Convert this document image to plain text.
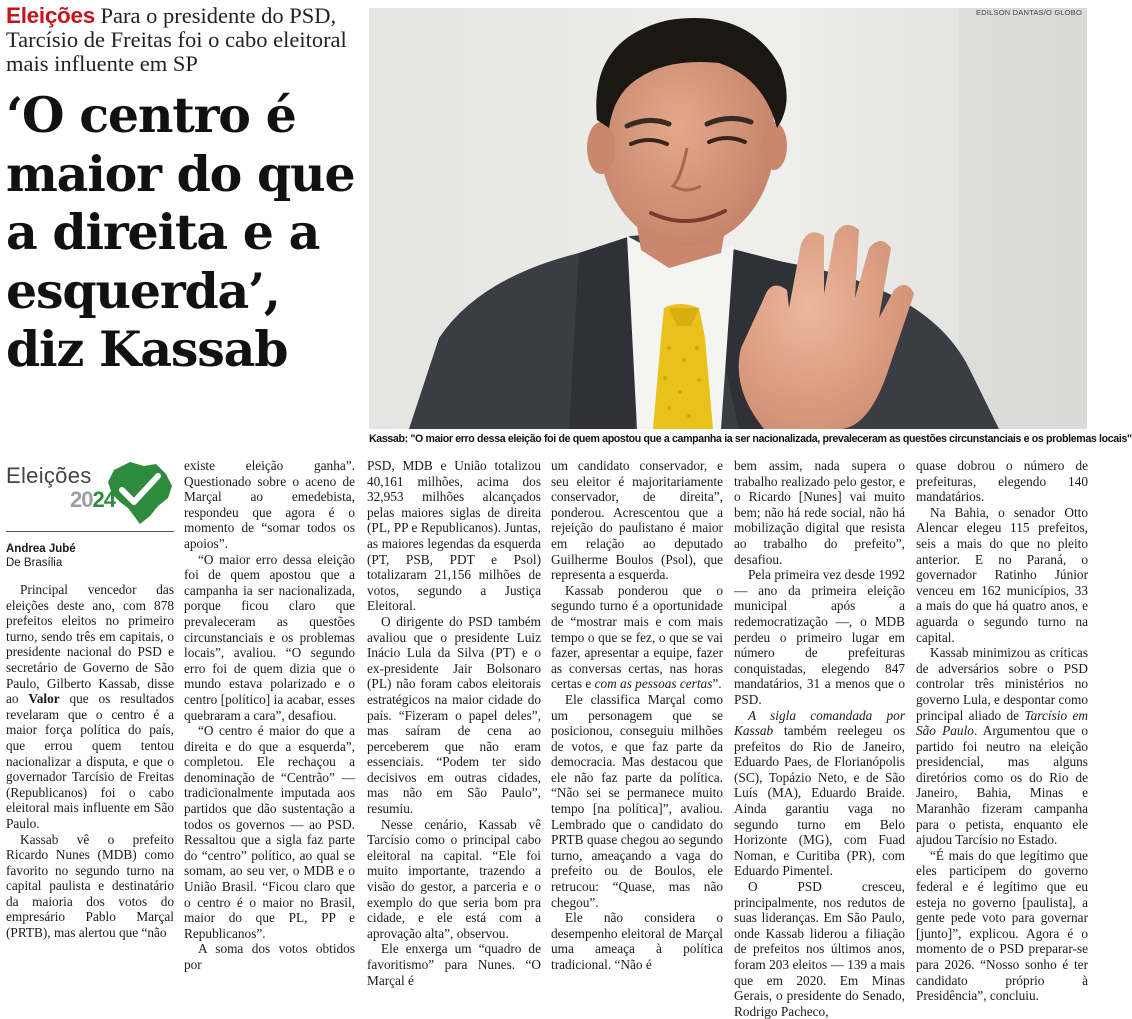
Eleições Para o presidente do PSD, Tarcísio de Freitas foi o cabo eleitoral mais influente em SP
‘O centro é maior do que a direita e a esquerda’, diz Kassab
EDILSON DANTAS/O GLOBO
Kassab: "O maior erro dessa eleição foi de quem apostou que a campanha ia ser nacionalizada, prevaleceram as questões circunstanciais e os problemas locais"
Eleições
2024
Andrea Jubé
De Brasília

Principal vencedor das eleições deste ano, com 878 prefeitos eleitos no primeiro turno, sendo três em capitais, o presidente nacional do PSD e secretário de Governo de São Paulo, Gilberto Kassab, disse ao Valor que os resultados revelaram que o centro é a maior força política do país, que errou quem tentou nacionalizar a disputa, e que o governador Tarcísio de Freitas (Republicanos) foi o cabo eleitoral mais influente em São Paulo.

Kassab vê o prefeito Ricardo Nunes (MDB) como favorito no segundo turno na capital paulista e destinatário da maioria dos votos do empresário Pablo Marçal (PRTB), mas alertou que “não

existe eleição ganha”. Questionado sobre o aceno de Marçal ao emedebista, respondeu que agora é o momento de “somar todos os apoios”.

“O maior erro dessa eleição foi de quem apostou que a campanha ia ser nacionalizada, porque ficou claro que prevaleceram as questões circunstanciais e os problemas locais”, avaliou. “O segundo erro foi de quem dizia que o mundo estava polarizado e o centro [político] ia acabar, esses quebraram a cara”, desafiou.

“O centro é maior do que a direita e do que a esquerda”, completou. Ele rechaçou a denominação de “Centrão” — tradicionalmente imputada aos partidos que dão sustentação a todos os governos — ao PSD. Ressaltou que a sigla faz parte do “centro” político, ao qual se somam, ao seu ver, o MDB e o União Brasil. “Ficou claro que o centro é o maior no Brasil, maior do que PL, PP e Republicanos”.

A soma dos votos obtidos por

PSD, MDB e União totalizou 40,161 milhões, acima dos 32,953 milhões alcançados pelas maiores siglas de direita (PL, PP e Republicanos). Juntas, as maiores legendas da esquerda (PT, PSB, PDT e Psol) totalizaram 21,156 milhões de votos, segundo a Justiça Eleitoral.

O dirigente do PSD também avaliou que o presidente Luiz Inácio Lula da Silva (PT) e o ex-presidente Jair Bolsonaro (PL) não foram cabos eleitorais estratégicos na maior cidade do país. “Fizeram o papel deles”, mas saíram de cena ao perceberem que não eram essenciais. “Podem ter sido decisivos em outras cidades, mas não em São Paulo”, resumiu.

Nesse cenário, Kassab vê Tarcísio como o principal cabo eleitoral na capital. “Ele foi muito importante, trazendo a visão do gestor, a parceria e o exemplo do que seria bom pra cidade, e ele está com a aprovação alta”, observou.

Ele enxerga um “quadro de favoritismo” para Nunes. “O Marçal é

um candidato conservador, e seu eleitor é majoritariamente conservador, de direita”, ponderou. Acrescentou que a rejeição do paulistano é maior em relação ao deputado Guilherme Boulos (Psol), que representa a esquerda.

Kassab ponderou que o segundo turno é a oportunidade de “mostrar mais e com mais tempo o que se fez, o que se vai fazer, apresentar a equipe, fazer as conversas certas, nas horas certas e com as pessoas certas”.

Ele classifica Marçal como um personagem que se posicionou, conseguiu milhões de votos, e que faz parte da democracia. Mas destacou que ele não faz parte da política. “Não sei se permanece muito tempo [na política]”, avaliou. Lembrado que o candidato do PRTB quase chegou ao segundo turno, ameaçando a vaga do prefeito ou de Boulos, ele retrucou: “Quase, mas não chegou”.

Ele não considera o desempenho eleitoral de Marçal uma ameaça à política tradicional. “Não é

bem assim, nada supera o trabalho realizado pelo gestor, e o Ricardo [Nunes] vai muito bem; não há rede social, não há mobilização digital que resista ao trabalho do prefeito”, desafiou.

Pela primeira vez desde 1992 — ano da primeira eleição municipal após a redemocratização —, o MDB perdeu o primeiro lugar em número de prefeituras conquistadas, elegendo 847 mandatários, 31 a menos que o PSD.

A sigla comandada por Kassab também reelegeu os prefeitos do Rio de Janeiro, Eduardo Paes, de Florianópolis (SC), Topázio Neto, e de São Luís (MA), Eduardo Braide. Ainda garantiu vaga no segundo turno em Belo Horizonte (MG), com Fuad Noman, e Curitiba (PR), com Eduardo Pimentel.

O PSD cresceu, principalmente, nos redutos de suas lideranças. Em São Paulo, onde Kassab liderou a filiação de prefeitos nos últimos anos, foram 203 eleitos — 139 a mais que em 2020. Em Minas Gerais, o presidente do Senado, Rodrigo Pacheco,

quase dobrou o número de prefeituras, elegendo 140 mandatários.

Na Bahia, o senador Otto Alencar elegeu 115 prefeitos, seis a mais do que no pleito anterior. E no Paraná, o governador Ratinho Júnior venceu em 162 municípios, 33 a mais do que há quatro anos, e aguarda o segundo turno na capital.

Kassab minimizou as críticas de adversários sobre o PSD controlar três ministérios no governo Lula, e despontar como principal aliado de Tarcísio em São Paulo. Argumentou que o partido foi neutro na eleição presidencial, mas alguns diretórios como os do Rio de Janeiro, Bahia, Minas e Maranhão fizeram campanha para o petista, enquanto ele ajudou Tarcísio no Estado.

“É mais do que legítimo que eles participem do governo federal e é legítimo que eu esteja no governo [paulista], a gente pede voto para governar [junto]”, explicou. Agora é o momento de o PSD preparar-se para 2026. “Nosso sonho é ter candidato próprio à Presidência”, concluiu.
